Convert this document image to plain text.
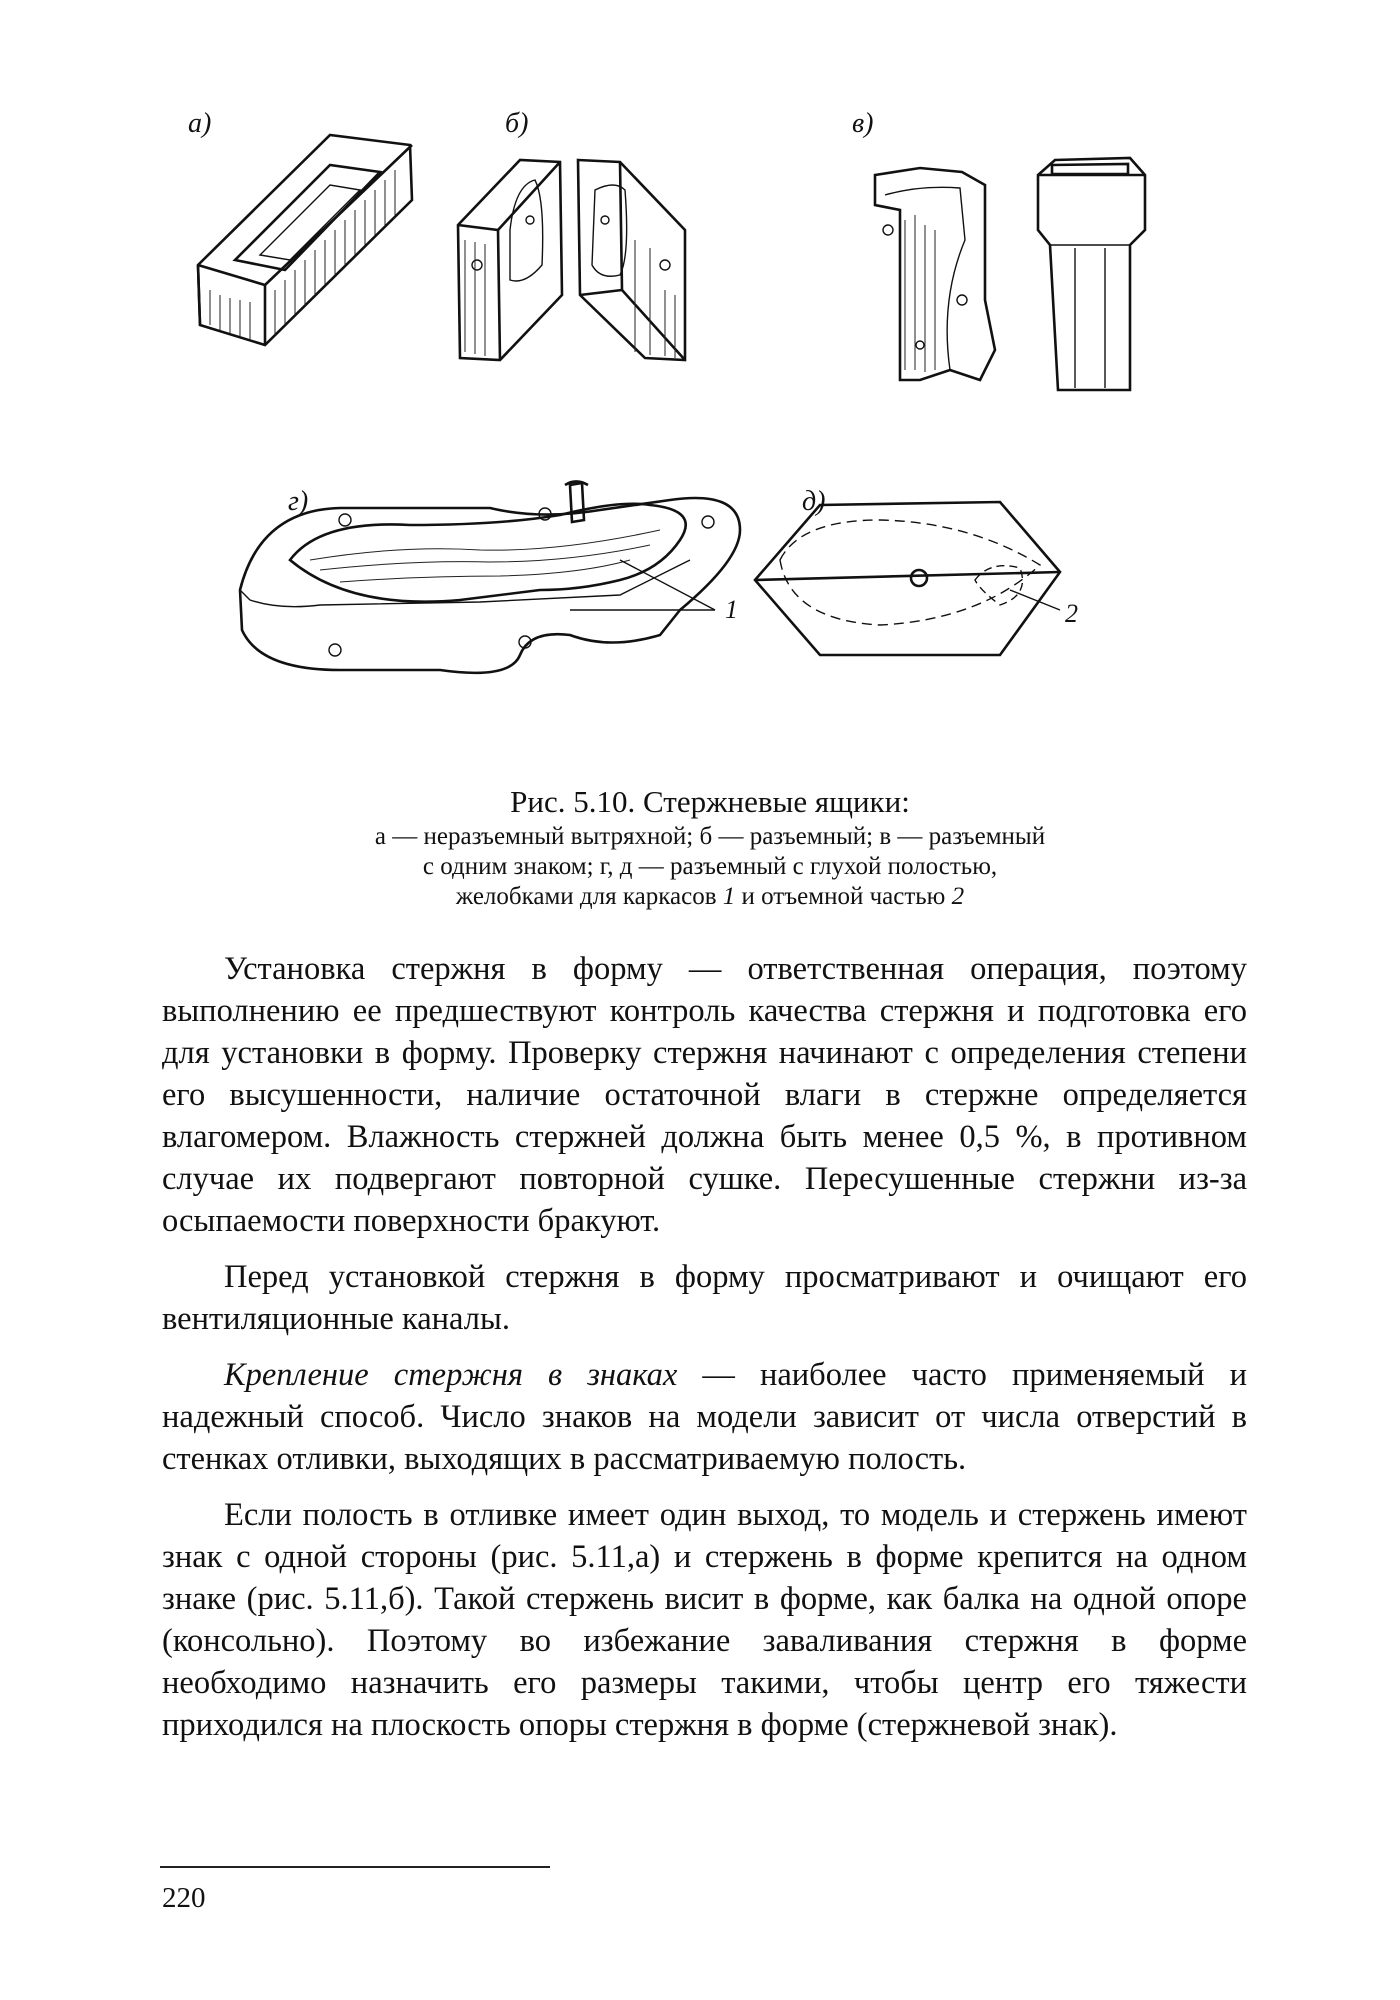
а)	б)	в)
г)	д)
1	2
Рис. 5.10. Стержневые ящики:
а — неразъемный вытряхной; б — разъемный; в — разъемный
с одним знаком; г, д — разъемный с глухой полостью,
желобками для каркасов 1 и отъемной частью 2

Установка стержня в форму — ответственная операция, поэтому выполнению ее предшествуют контроль качества стержня и подготовка его для установки в форму. Проверку стержня начинают с определения степени его высушенности, наличие остаточной влаги в стержне определяется влагомером. Влажность стержней должна быть менее 0,5 %, в противном случае их подвергают повторной сушке. Пересушенные стержни из-за осыпаемости поверхности бракуют.

Перед установкой стержня в форму просматривают и очищают его вентиляционные каналы.

Крепление стержня в знаках — наиболее часто применяемый и надежный способ. Число знаков на модели зависит от числа отверстий в стенках отливки, выходящих в рассматриваемую полость.

Если полость в отливке имеет один выход, то модель и стержень имеют знак с одной стороны (рис. 5.11,а) и стержень в форме крепится на одном знаке (рис. 5.11,б). Такой стержень висит в форме, как балка на одной опоре (консольно). Поэтому во избежание заваливания стержня в форме необходимо назначить его размеры такими, чтобы центр его тяжести приходился на плоскость опоры стержня в форме (стержневой знак).

220
